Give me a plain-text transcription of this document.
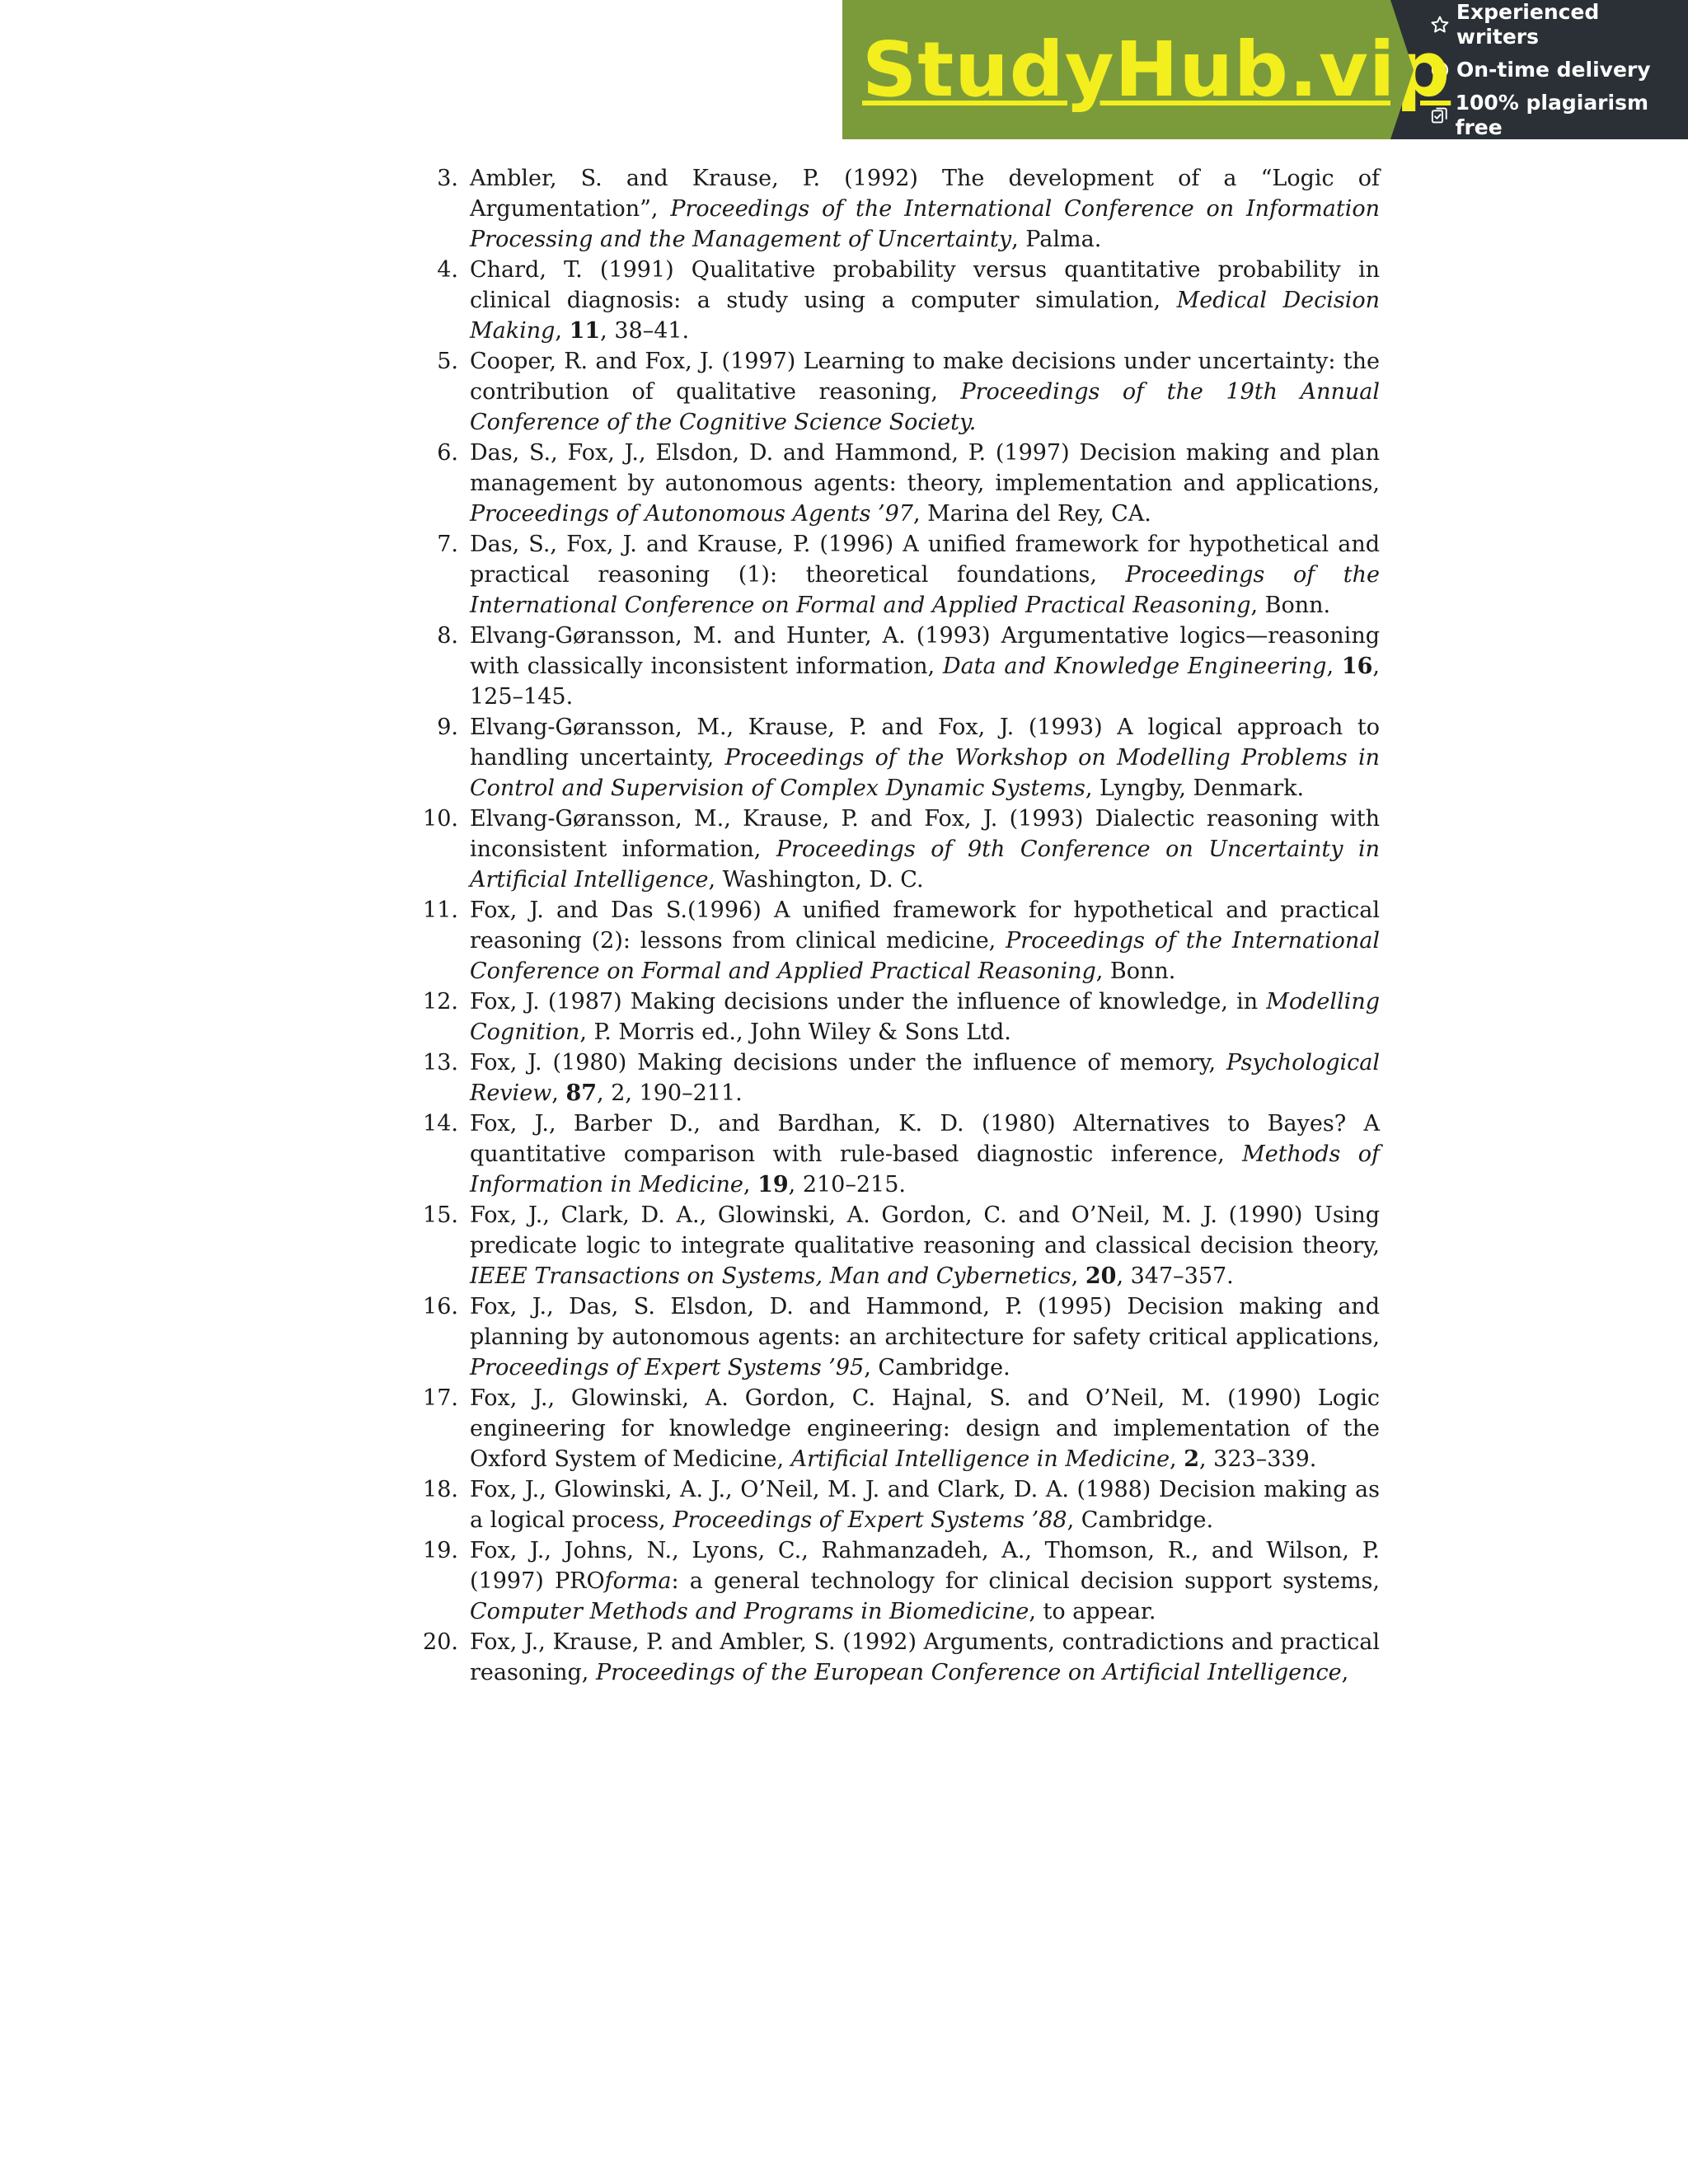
StudyHub.vip
Experienced writers
On-time delivery
100% plagiarism free
3. Ambler, S. and Krause, P. (1992) The development of a “Logic of Argumentation”, Proceedings of the International Conference on Information Processing and the Management of Uncertainty, Palma.
4. Chard, T. (1991) Qualitative probability versus quantitative probability in clinical diagnosis: a study using a computer simulation, Medical Decision Making, 11, 38–41.
5. Cooper, R. and Fox, J. (1997) Learning to make decisions under uncertainty: the contribution of qualitative reasoning, Proceedings of the 19th Annual Conference of the Cognitive Science Society.
6. Das, S., Fox, J., Elsdon, D. and Hammond, P. (1997) Decision making and plan management by autonomous agents: theory, implementation and applications, Proceedings of Autonomous Agents ’97, Marina del Rey, CA.
7. Das, S., Fox, J. and Krause, P. (1996) A unified framework for hypothetical and practical reasoning (1): theoretical foundations, Proceedings of the International Conference on Formal and Applied Practical Reasoning, Bonn.
8. Elvang-Gøransson, M. and Hunter, A. (1993) Argumentative logics—reasoning with classically inconsistent information, Data and Knowledge Engineering, 16, 125–145.
9. Elvang-Gøransson, M., Krause, P. and Fox, J. (1993) A logical approach to handling uncertainty, Proceedings of the Workshop on Modelling Problems in Control and Supervision of Complex Dynamic Systems, Lyngby, Denmark.
10. Elvang-Gøransson, M., Krause, P. and Fox, J. (1993) Dialectic reasoning with inconsistent information, Proceedings of 9th Conference on Uncertainty in Artificial Intelligence, Washington, D. C.
11. Fox, J. and Das S.(1996) A unified framework for hypothetical and practical reasoning (2): lessons from clinical medicine, Proceedings of the International Conference on Formal and Applied Practical Reasoning, Bonn.
12. Fox, J. (1987) Making decisions under the influence of knowledge, in Modelling Cognition, P. Morris ed., John Wiley & Sons Ltd.
13. Fox, J. (1980) Making decisions under the influence of memory, Psychological Review, 87, 2, 190–211.
14. Fox, J., Barber D., and Bardhan, K. D. (1980) Alternatives to Bayes? A quantitative comparison with rule-based diagnostic inference, Methods of Information in Medicine, 19, 210–215.
15. Fox, J., Clark, D. A., Glowinski, A. Gordon, C. and O’Neil, M. J. (1990) Using predicate logic to integrate qualitative reasoning and classical decision theory, IEEE Transactions on Systems, Man and Cybernetics, 20, 347–357.
16. Fox, J., Das, S. Elsdon, D. and Hammond, P. (1995) Decision making and planning by autonomous agents: an architecture for safety critical applications, Proceedings of Expert Systems ’95, Cambridge.
17. Fox, J., Glowinski, A. Gordon, C. Hajnal, S. and O’Neil, M. (1990) Logic engineering for knowledge engineering: design and implementation of the Oxford System of Medicine, Artificial Intelligence in Medicine, 2, 323–339.
18. Fox, J., Glowinski, A. J., O’Neil, M. J. and Clark, D. A. (1988) Decision making as a logical process, Proceedings of Expert Systems ’88, Cambridge.
19. Fox, J., Johns, N., Lyons, C., Rahmanzadeh, A., Thomson, R., and Wilson, P. (1997) PROforma: a general technology for clinical decision support systems, Computer Methods and Programs in Biomedicine, to appear.
20. Fox, J., Krause, P. and Ambler, S. (1992) Arguments, contradictions and practical reasoning, Proceedings of the European Conference on Artificial Intelligence,
